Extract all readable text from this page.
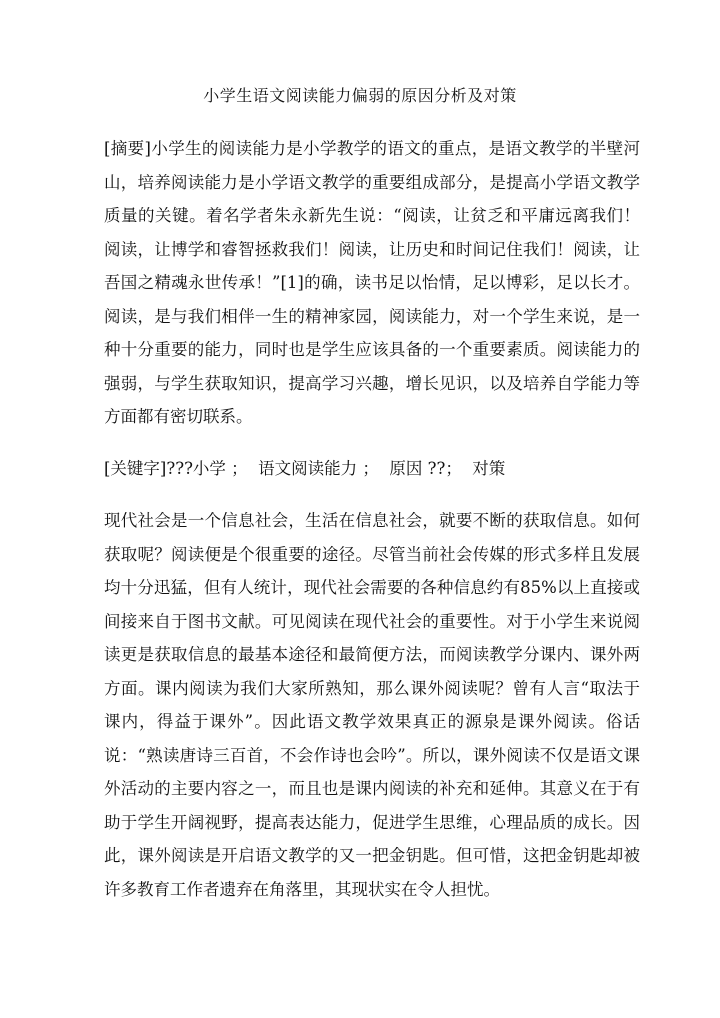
小学生语文阅读能力偏弱的原因分析及对策

[摘要]小学生的阅读能力是小学教学的语文的重点，是语文教学的半壁河山，培养阅读能力是小学语文教学的重要组成部分，是提高小学语文教学质量的关键。着名学者朱永新先生说：“阅读，让贫乏和平庸远离我们！阅读，让博学和睿智拯救我们！阅读，让历史和时间记住我们！阅读，让吾国之精魂永世传承！”[1]的确，读书足以怡情，足以博彩，足以长才。阅读，是与我们相伴一生的精神家园，阅读能力，对一个学生来说，是一种十分重要的能力，同时也是学生应该具备的一个重要素质。阅读能力的强弱，与学生获取知识，提高学习兴趣，增长见识，以及培养自学能力等方面都有密切联系。

[关键字]???小学 ；  语文阅读能力 ；  原因 ??；  对策

现代社会是一个信息社会，生活在信息社会，就要不断的获取信息。如何获取呢？阅读便是个很重要的途径。尽管当前社会传媒的形式多样且发展均十分迅猛，但有人统计，现代社会需要的各种信息约有85%以上直接或间接来自于图书文献。可见阅读在现代社会的重要性。对于小学生来说阅读更是获取信息的最基本途径和最简便方法，而阅读教学分课内、课外两方面。课内阅读为我们大家所熟知，那么课外阅读呢？曾有人言“取法于课内，得益于课外”。因此语文教学效果真正的源泉是课外阅读。俗话说：“熟读唐诗三百首，不会作诗也会吟”。所以，课外阅读不仅是语文课外活动的主要内容之一，而且也是课内阅读的补充和延伸。其意义在于有助于学生开阔视野，提高表达能力，促进学生思维，心理品质的成长。因此，课外阅读是开启语文教学的又一把金钥匙。但可惜，这把金钥匙却被许多教育工作者遗弃在角落里，其现状实在令人担忧。
